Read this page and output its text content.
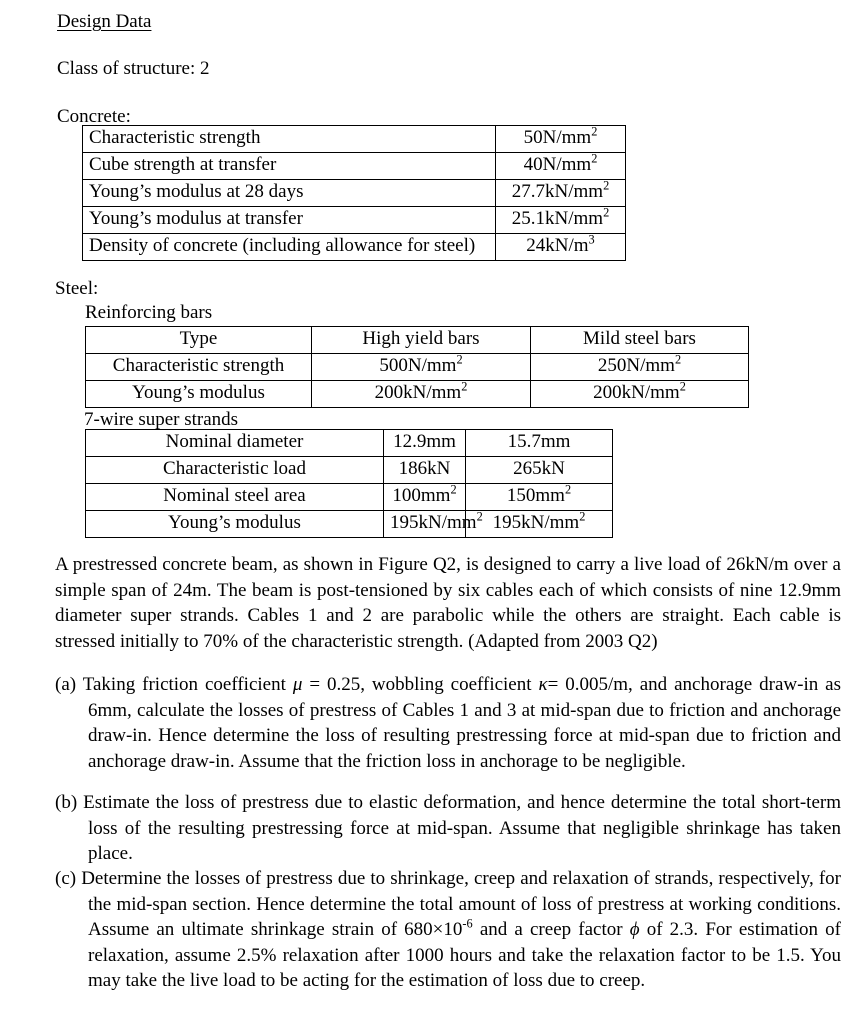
Design Data
Class of structure: 2
Concrete:
Characteristic strength	$50N/mm^2$
Cube strength at transfer	$40N/mm^2$
Young’s modulus at 28 days	$27.7kN/mm^2$
Young’s modulus at transfer	$25.1kN/mm^2$
Density of concrete (including allowance for steel)	$24kN/m^3$
Steel:
Reinforcing bars
Type	High yield bars	Mild steel bars
Characteristic strength	$500N/mm^2$	$250N/mm^2$
Young’s modulus	$200kN/mm^2$	$200kN/mm^2$
7-wire super strands
Nominal diameter	12.9mm	15.7mm
Characteristic load	186kN	265kN
Nominal steel area	$100mm^2$	$150mm^2$
Young’s modulus	$195kN/mm^2$	$195kN/mm^2$
A prestressed concrete beam, as shown in Figure Q2, is designed to carry a live load of 26kN/m over a simple span of 24m. The beam is post-tensioned by six cables each of which consists of nine 12.9mm diameter super strands. Cables 1 and 2 are parabolic while the others are straight. Each cable is stressed initially to 70% of the characteristic strength. (Adapted from 2003 Q2)
(a) Taking friction coefficient μ = 0.25, wobbling coefficient κ= 0.005/m, and anchorage draw-in as 6mm, calculate the losses of prestress of Cables 1 and 3 at mid-span due to friction and anchorage draw-in. Hence determine the loss of resulting prestressing force at mid-span due to friction and anchorage draw-in. Assume that the friction loss in anchorage to be negligible.
(b) Estimate the loss of prestress due to elastic deformation, and hence determine the total short-term loss of the resulting prestressing force at mid-span. Assume that negligible shrinkage has taken place.
(c) Determine the losses of prestress due to shrinkage, creep and relaxation of strands, respectively, for the mid-span section. Hence determine the total amount of loss of prestress at working conditions. Assume an ultimate shrinkage strain of $680\times 10^{-6}$ and a creep factor ϕ of 2.3. For estimation of relaxation, assume 2.5% relaxation after 1000 hours and take the relaxation factor to be 1.5. You may take the live load to be acting for the estimation of loss due to creep.
